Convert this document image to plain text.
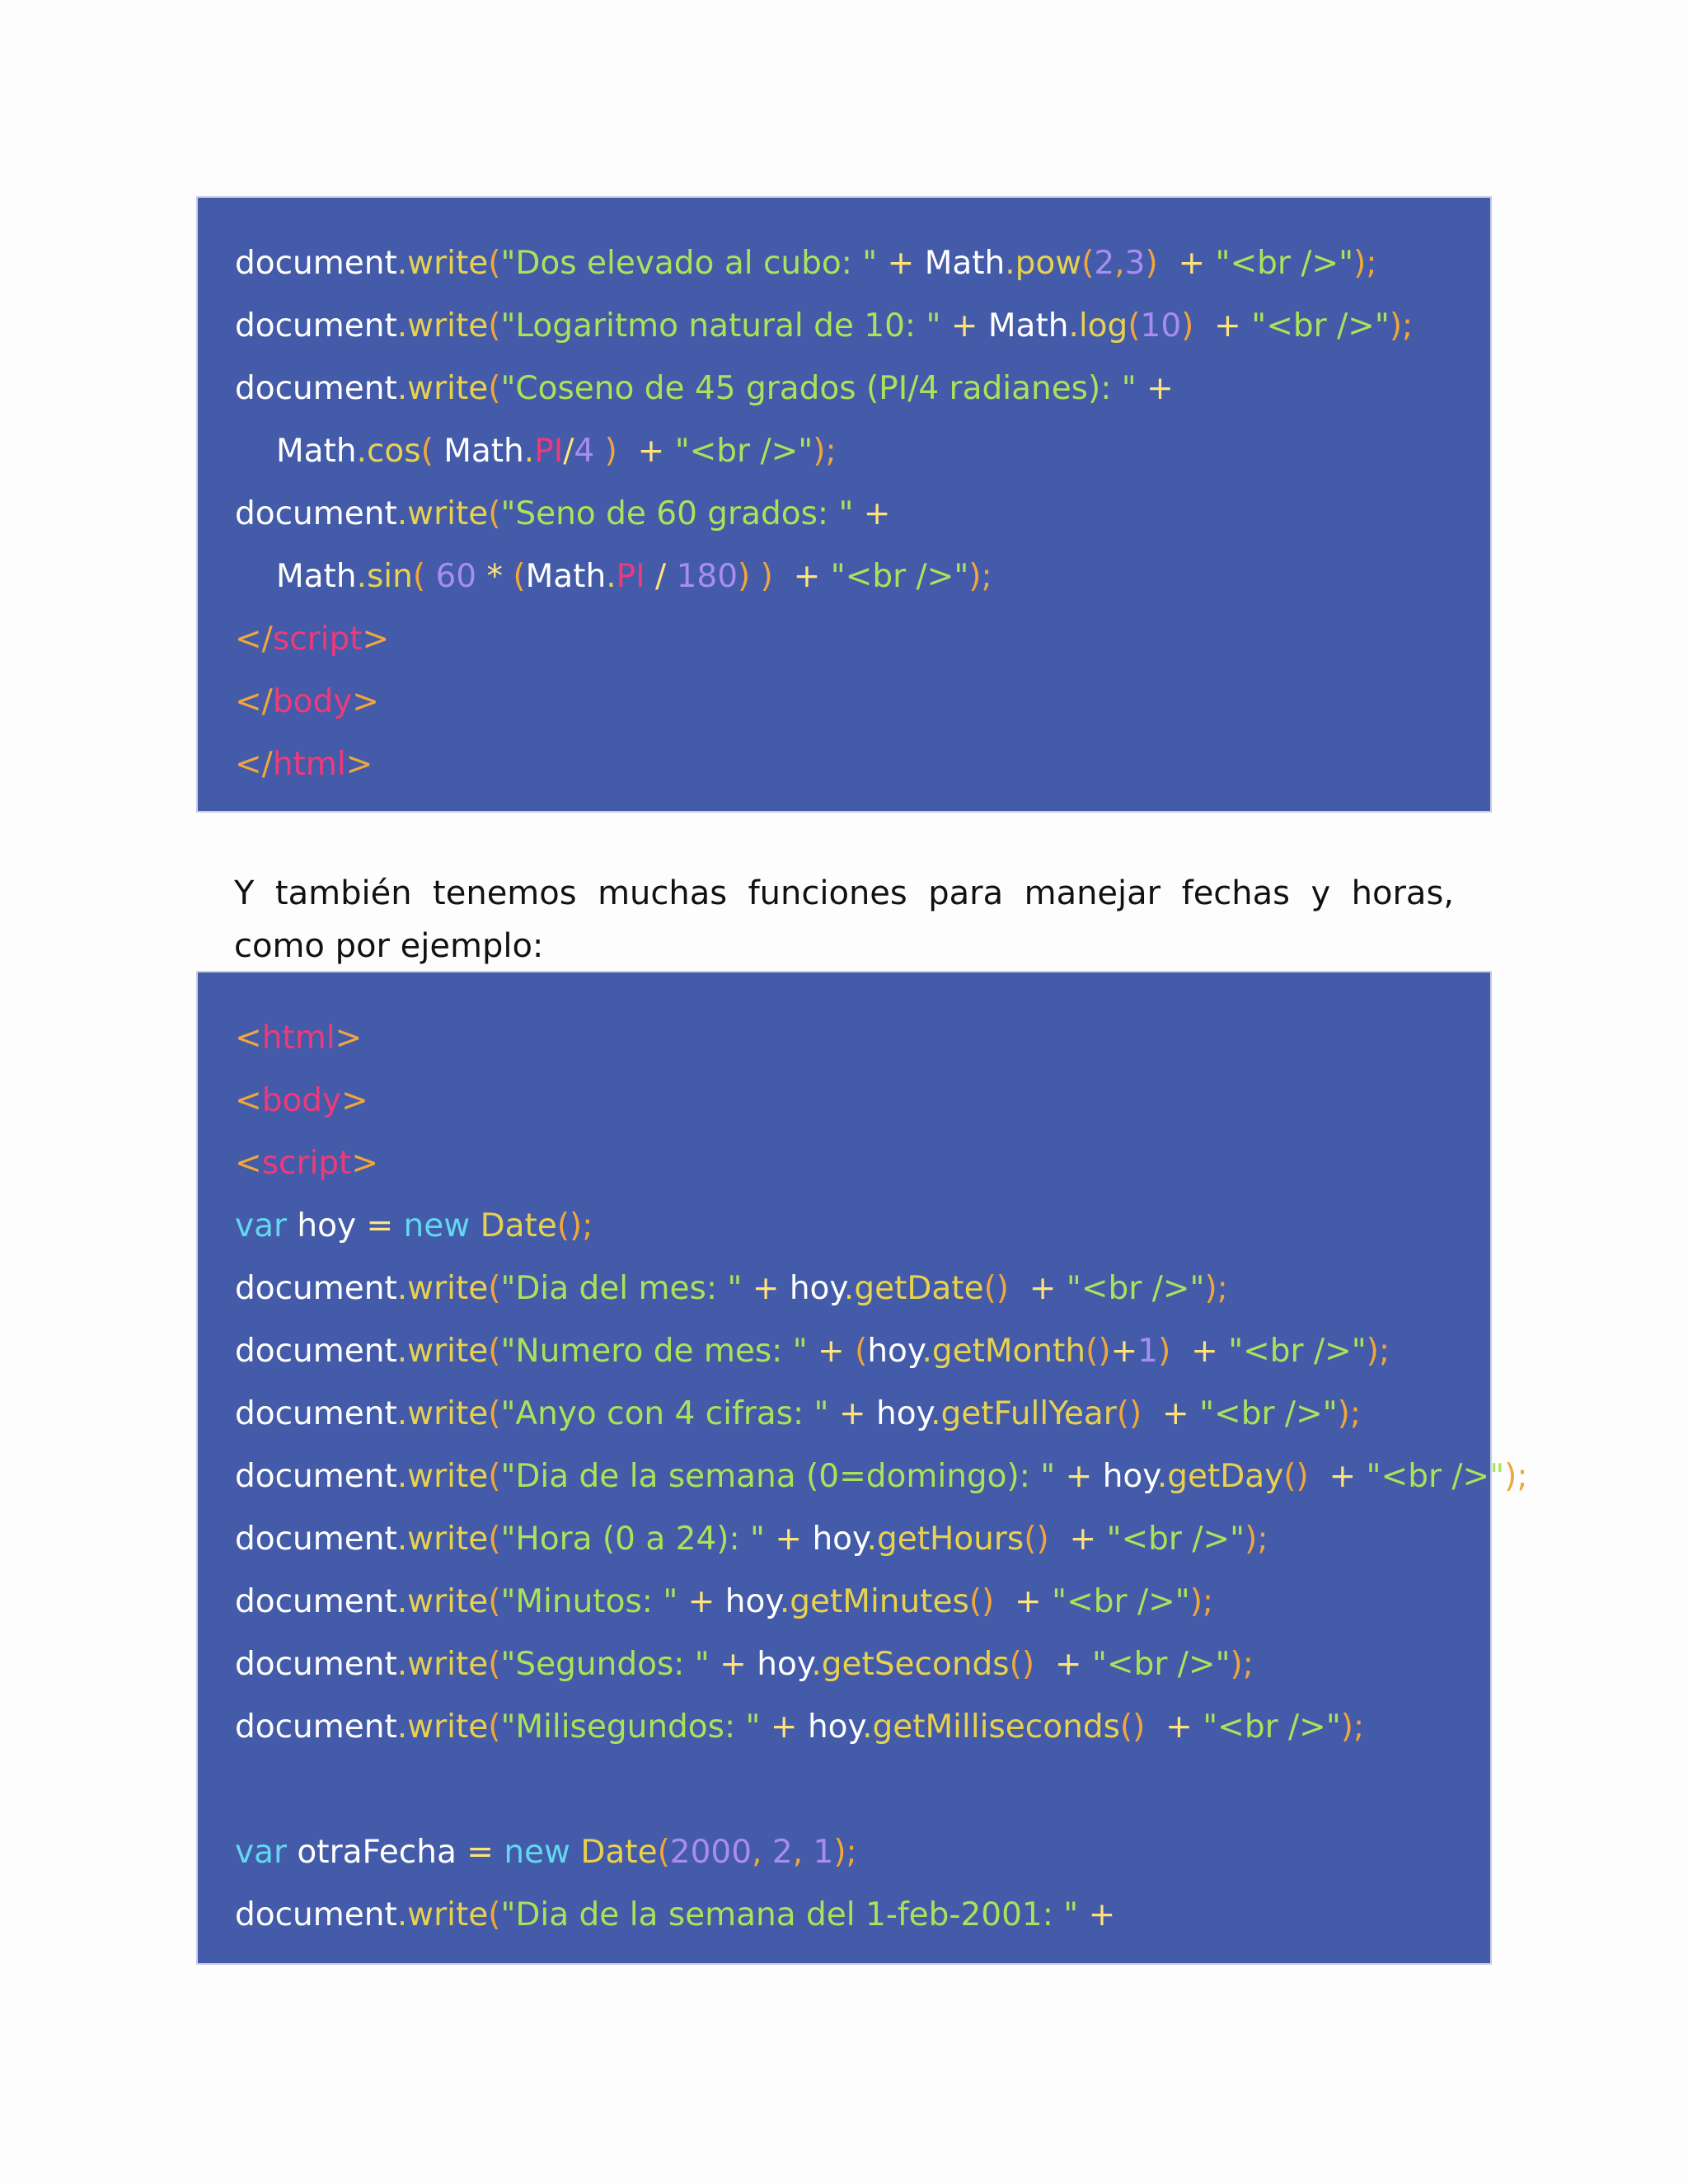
document.write("Dos elevado al cubo: " + Math.pow(2,3)  + "<br />");
document.write("Logaritmo natural de 10: " + Math.log(10)  + "<br />");
document.write("Coseno de 45 grados (PI/4 radianes): " +
Math.cos( Math.PI/4 )  + "<br />");
document.write("Seno de 60 grados: " +
Math.sin( 60 * (Math.PI / 180) )  + "<br />");
</script>
</body>
</html>

Y también tenemos muchas funciones para manejar fechas y horas, como por ejemplo:

<html>
<body>
<script>
var hoy = new Date();
document.write("Dia del mes: " + hoy.getDate()  + "<br />");
document.write("Numero de mes: " + (hoy.getMonth()+1)  + "<br />");
document.write("Anyo con 4 cifras: " + hoy.getFullYear()  + "<br />");
document.write("Dia de la semana (0=domingo): " + hoy.getDay()  + "<br />");
document.write("Hora (0 a 24): " + hoy.getHours()  + "<br />");
document.write("Minutos: " + hoy.getMinutes()  + "<br />");
document.write("Segundos: " + hoy.getSeconds()  + "<br />");
document.write("Milisegundos: " + hoy.getMilliseconds()  + "<br />");

var otraFecha = new Date(2000, 2, 1);
document.write("Dia de la semana del 1-feb-2001: " +
